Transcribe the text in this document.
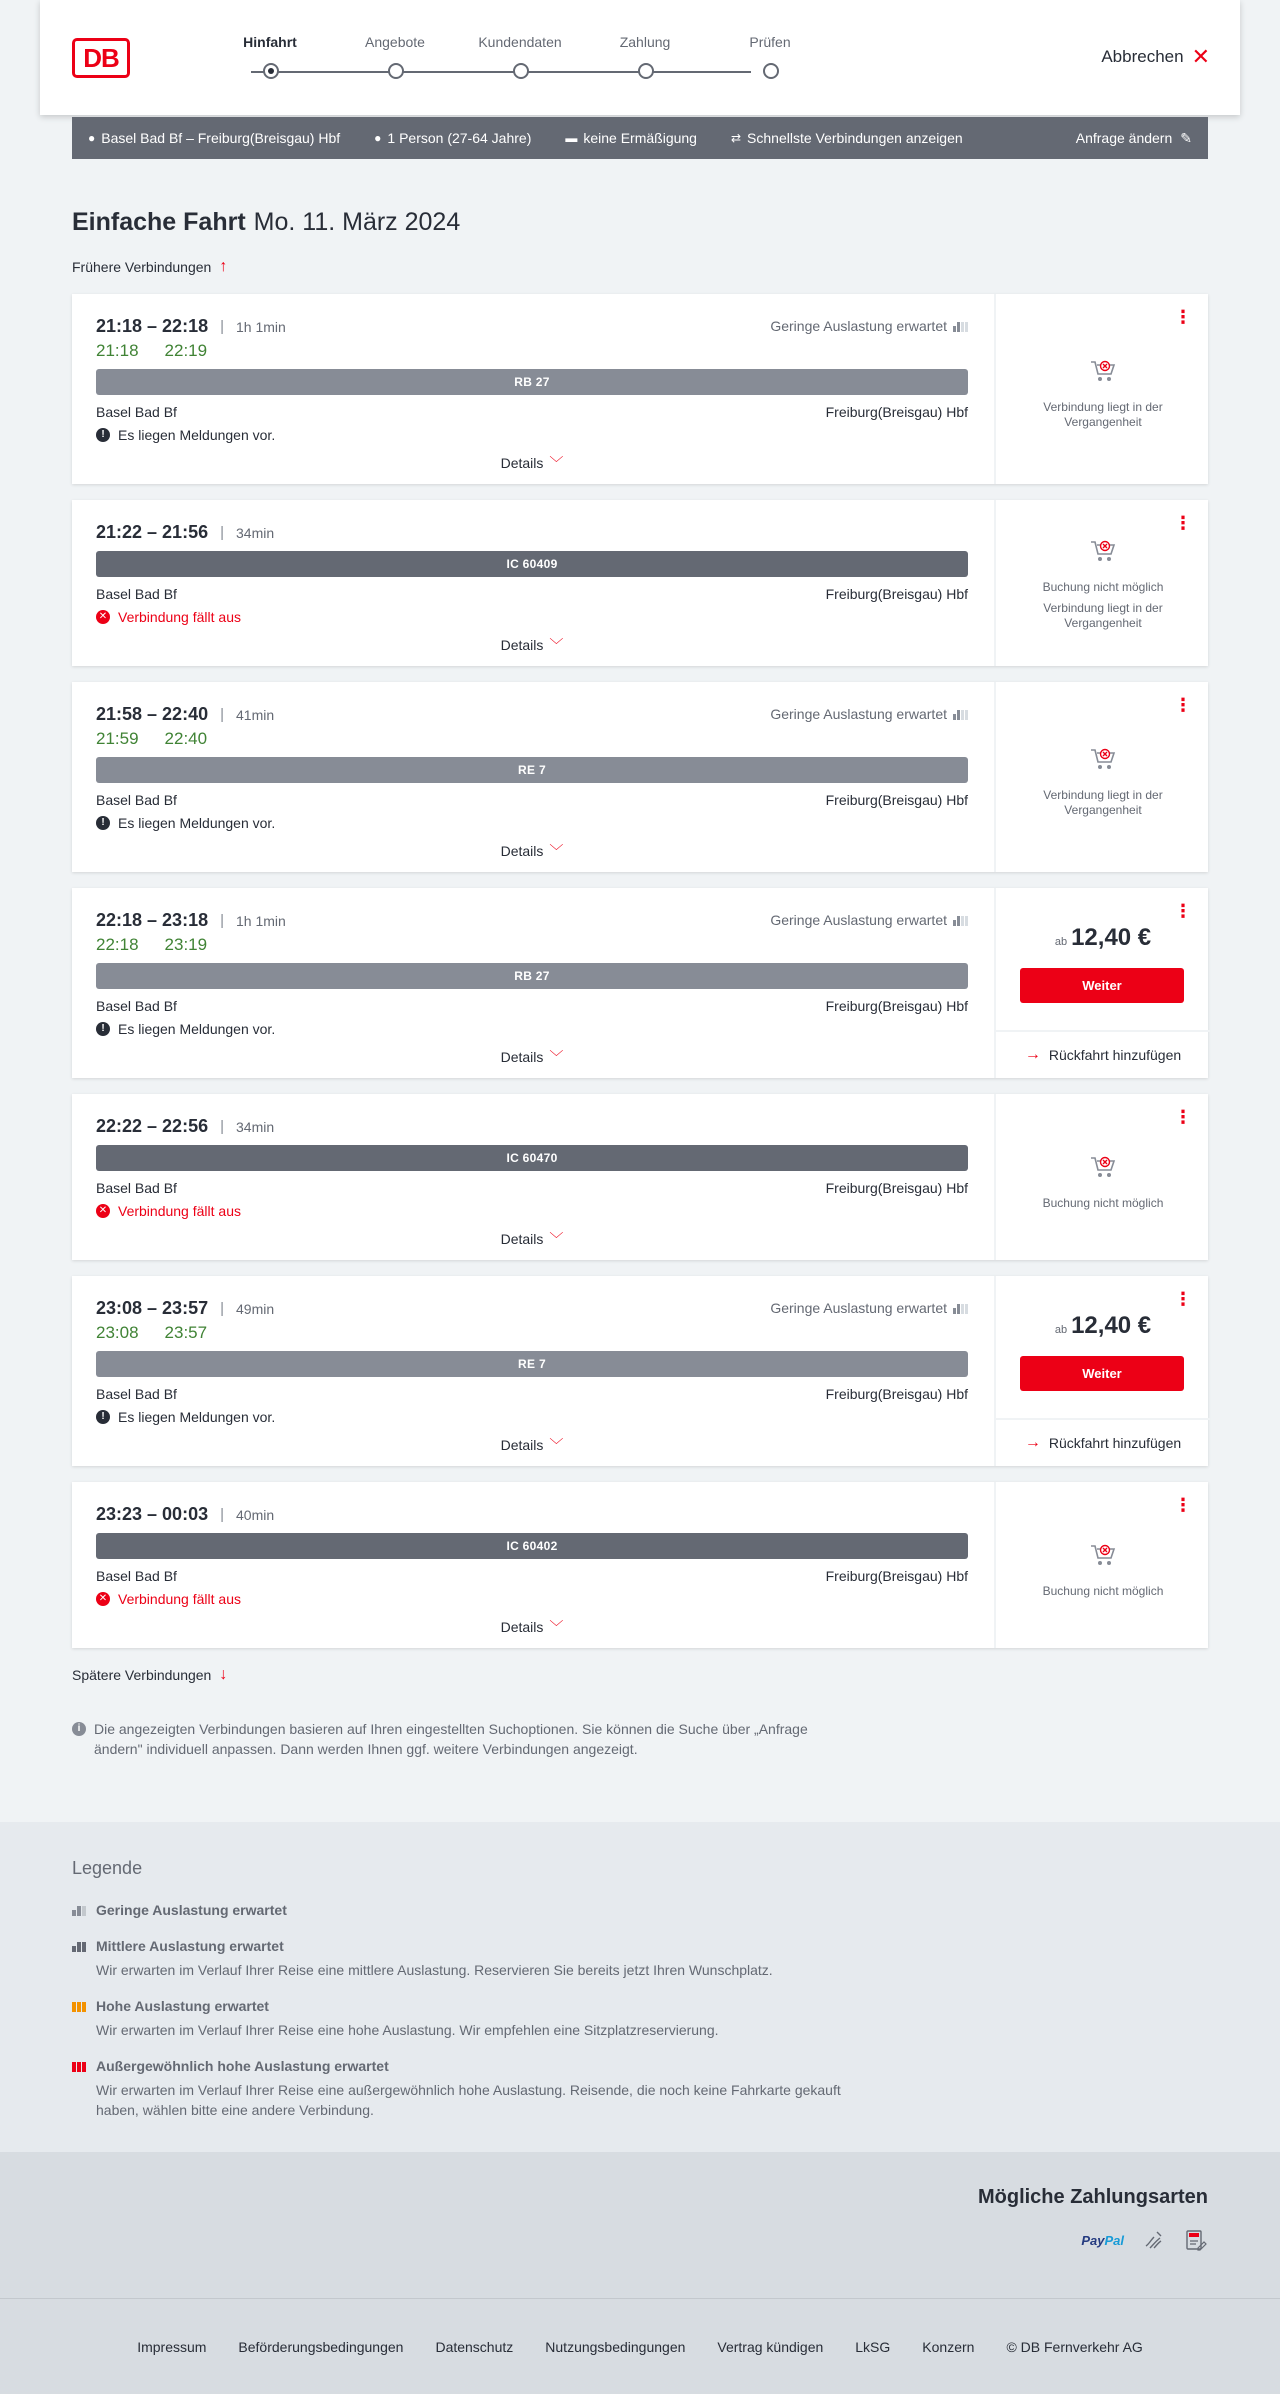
DB
Hinfahrt	Angebote	Kundendaten	Zahlung	Prüfen
Abbrechen ✕
● Basel Bad Bf – Freiburg(Breisgau) Hbf	● 1 Person (27-64 Jahre)	▬ keine Ermäßigung	⇄ Schnellste Verbindungen anzeigen	Anfrage ändern ✎
Einfache Fahrt Mo. 11. März 2024
Frühere Verbindungen ↑
21:18 – 22:18 | 1h 1min	Geringe Auslastung erwartet
21:18 22:19
RB 27
Basel Bad Bf	Freiburg(Breisgau) Hbf
! Es liegen Meldungen vor.
Details ﹀
⋮
Verbindung liegt in der Vergangenheit
21:22 – 21:56 | 34min
IC 60409
Basel Bad Bf	Freiburg(Breisgau) Hbf
✕ Verbindung fällt aus
Details ﹀
⋮
Buchung nicht möglich
Verbindung liegt in der Vergangenheit
21:58 – 22:40 | 41min	Geringe Auslastung erwartet
21:59 22:40
RE 7
Basel Bad Bf	Freiburg(Breisgau) Hbf
! Es liegen Meldungen vor.
Details ﹀
⋮
Verbindung liegt in der Vergangenheit
22:18 – 23:18 | 1h 1min	Geringe Auslastung erwartet
22:18 23:19
RB 27
Basel Bad Bf	Freiburg(Breisgau) Hbf
! Es liegen Meldungen vor.
Details ﹀
⋮
ab 12,40 €
Weiter
→ Rückfahrt hinzufügen
22:22 – 22:56 | 34min
IC 60470
Basel Bad Bf	Freiburg(Breisgau) Hbf
✕ Verbindung fällt aus
Details ﹀
⋮
Buchung nicht möglich
23:08 – 23:57 | 49min	Geringe Auslastung erwartet
23:08 23:57
RE 7
Basel Bad Bf	Freiburg(Breisgau) Hbf
! Es liegen Meldungen vor.
Details ﹀
⋮
ab 12,40 €
Weiter
→ Rückfahrt hinzufügen
23:23 – 00:03 | 40min
IC 60402
Basel Bad Bf	Freiburg(Breisgau) Hbf
✕ Verbindung fällt aus
Details ﹀
⋮
Buchung nicht möglich
Spätere Verbindungen ↓
i Die angezeigten Verbindungen basieren auf Ihren eingestellten Suchoptionen. Sie können die Suche über „Anfrage ändern" individuell anpassen. Dann werden Ihnen ggf. weitere Verbindungen angezeigt.
Legende
Geringe Auslastung erwartet
Mittlere Auslastung erwartet
Wir erwarten im Verlauf Ihrer Reise eine mittlere Auslastung. Reservieren Sie bereits jetzt Ihren Wunschplatz.
Hohe Auslastung erwartet
Wir erwarten im Verlauf Ihrer Reise eine hohe Auslastung. Wir empfehlen eine Sitzplatzreservierung.
Außergewöhnlich hohe Auslastung erwartet
Wir erwarten im Verlauf Ihrer Reise eine außergewöhnlich hohe Auslastung. Reisende, die noch keine Fahrkarte gekauft haben, wählen bitte eine andere Verbindung.
Mögliche Zahlungsarten
PayPal
Impressum Beförderungsbedingungen Datenschutz Nutzungsbedingungen Vertrag kündigen LkSG Konzern © DB Fernverkehr AG
